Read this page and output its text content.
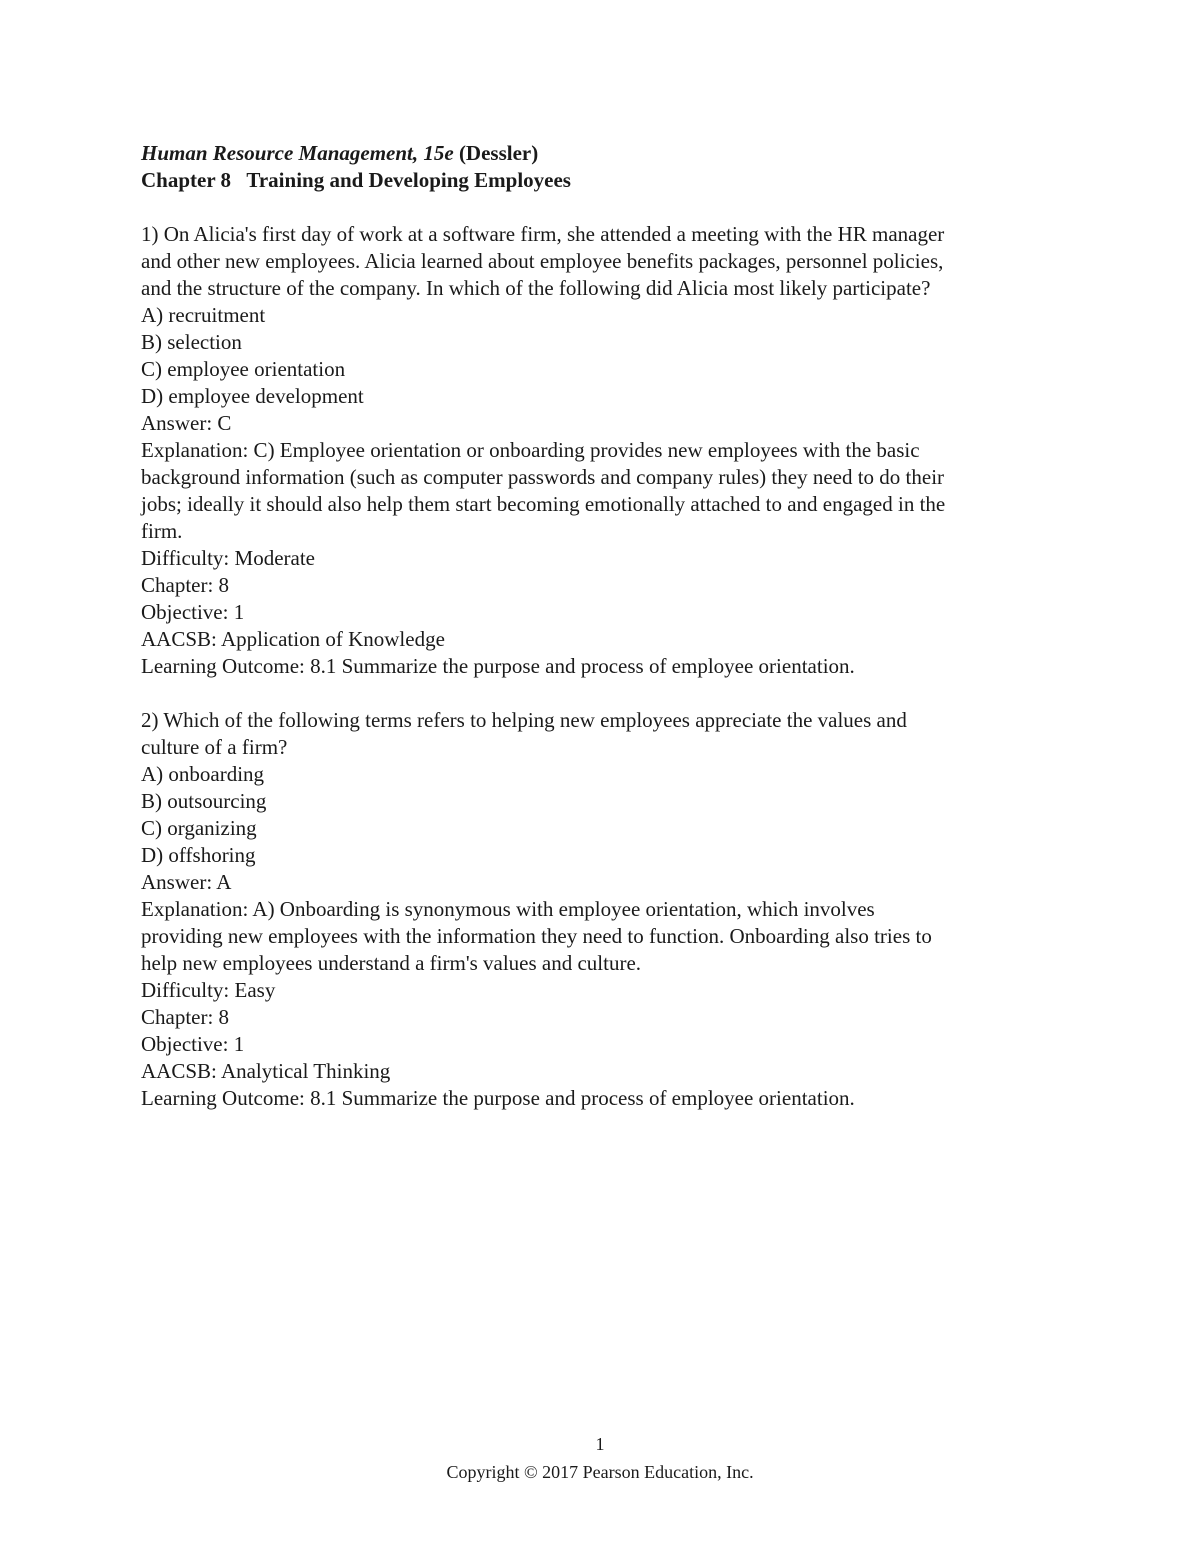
Human Resource Management, 15e (Dessler)
Chapter 8 Training and Developing Employees
1) On Alicia's first day of work at a software firm, she attended a meeting with the HR manager
and other new employees. Alicia learned about employee benefits packages, personnel policies,
and the structure of the company. In which of the following did Alicia most likely participate?
A) recruitment
B) selection
C) employee orientation
D) employee development
Answer: C
Explanation: C) Employee orientation or onboarding provides new employees with the basic
background information (such as computer passwords and company rules) they need to do their
jobs; ideally it should also help them start becoming emotionally attached to and engaged in the
firm.
Difficulty: Moderate
Chapter: 8
Objective: 1
AACSB: Application of Knowledge
Learning Outcome: 8.1 Summarize the purpose and process of employee orientation.
2) Which of the following terms refers to helping new employees appreciate the values and
culture of a firm?
A) onboarding
B) outsourcing
C) organizing
D) offshoring
Answer: A
Explanation: A) Onboarding is synonymous with employee orientation, which involves
providing new employees with the information they need to function. Onboarding also tries to
help new employees understand a firm's values and culture.
Difficulty: Easy
Chapter: 8
Objective: 1
AACSB: Analytical Thinking
Learning Outcome: 8.1 Summarize the purpose and process of employee orientation.
1
Copyright © 2017 Pearson Education, Inc.
